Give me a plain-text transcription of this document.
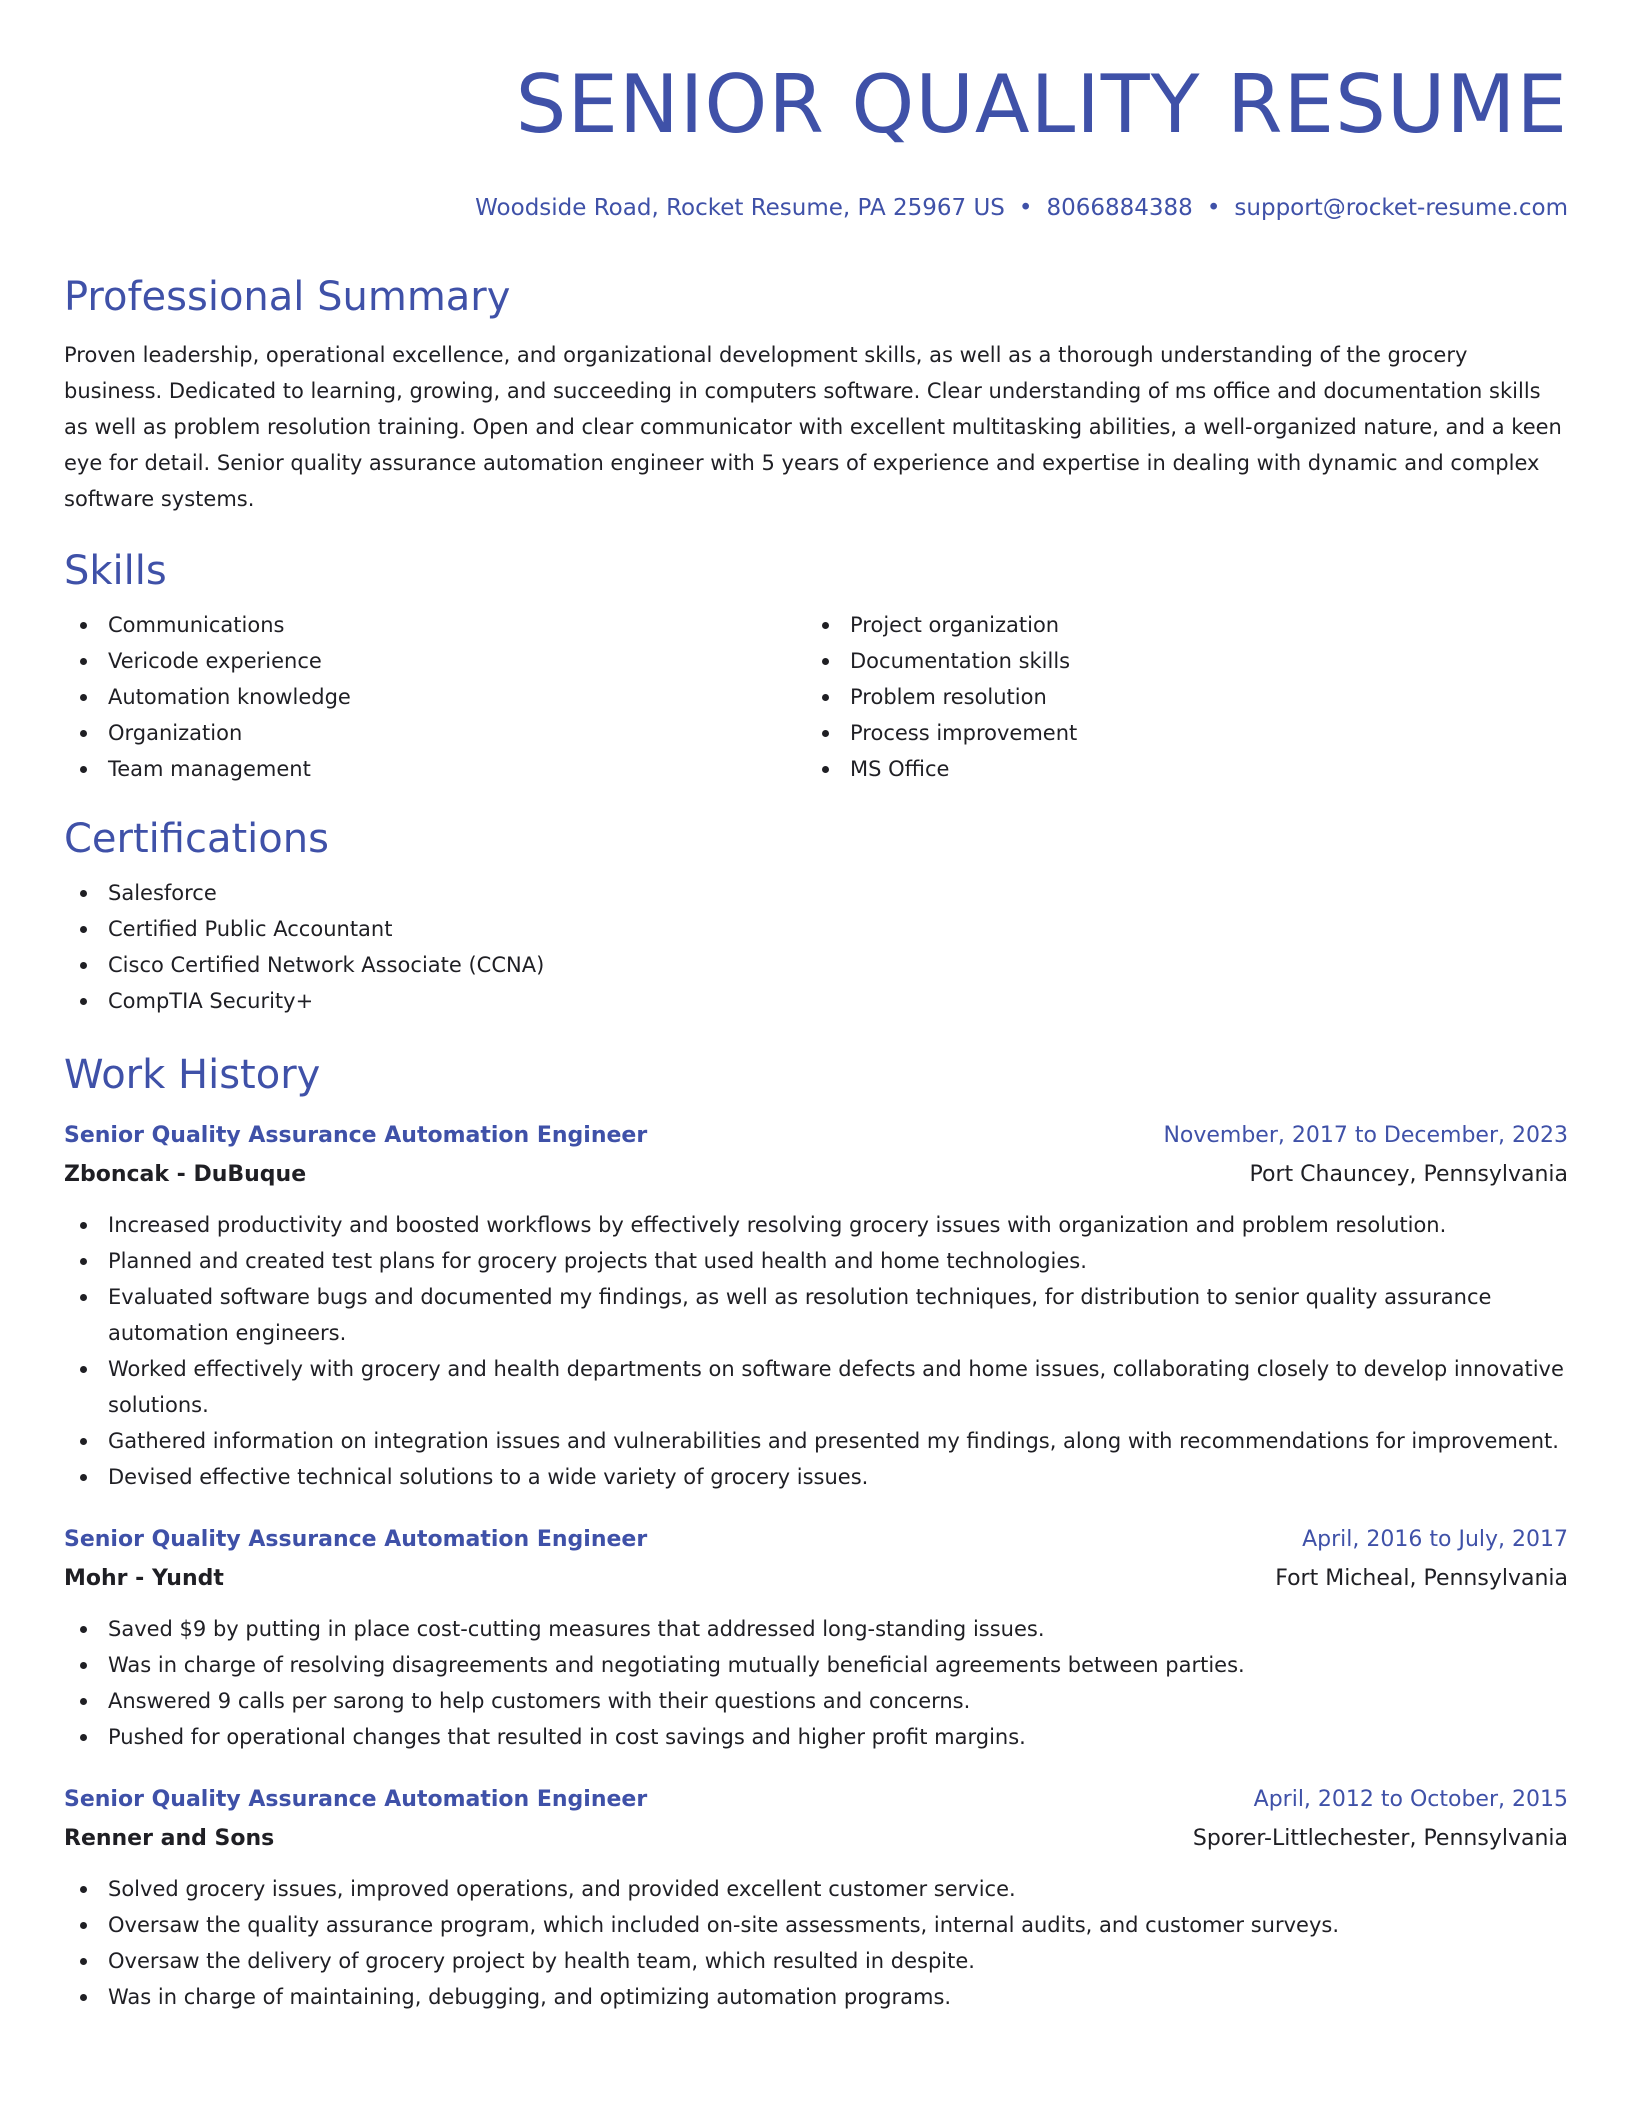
SENIOR QUALITY RESUME
Woodside Road, Rocket Resume, PA 25967 US • 8066884388 • support@rocket-resume.com
Professional Summary
Proven leadership, operational excellence, and organizational development skills, as well as a thorough understanding of the grocery business. Dedicated to learning, growing, and succeeding in computers software. Clear understanding of ms office and documentation skills as well as problem resolution training. Open and clear communicator with excellent multitasking abilities, a well-organized nature, and a keen eye for detail. Senior quality assurance automation engineer with 5 years of experience and expertise in dealing with dynamic and complex software systems.
Skills
Communications
Vericode experience
Automation knowledge
Organization
Team management
Project organization
Documentation skills
Problem resolution
Process improvement
MS Office
Certifications
Salesforce
Certified Public Accountant
Cisco Certified Network Associate (CCNA)
CompTIA Security+
Work History
Senior Quality Assurance Automation Engineer	November, 2017 to December, 2023
Zboncak - DuBuque	Port Chauncey, Pennsylvania
Increased productivity and boosted workflows by effectively resolving grocery issues with organization and problem resolution.
Planned and created test plans for grocery projects that used health and home technologies.
Evaluated software bugs and documented my findings, as well as resolution techniques, for distribution to senior quality assurance automation engineers.
Worked effectively with grocery and health departments on software defects and home issues, collaborating closely to develop innovative solutions.
Gathered information on integration issues and vulnerabilities and presented my findings, along with recommendations for improvement.
Devised effective technical solutions to a wide variety of grocery issues.
Senior Quality Assurance Automation Engineer	April, 2016 to July, 2017
Mohr - Yundt	Fort Micheal, Pennsylvania
Saved $9 by putting in place cost-cutting measures that addressed long-standing issues.
Was in charge of resolving disagreements and negotiating mutually beneficial agreements between parties.
Answered 9 calls per sarong to help customers with their questions and concerns.
Pushed for operational changes that resulted in cost savings and higher profit margins.
Senior Quality Assurance Automation Engineer	April, 2012 to October, 2015
Renner and Sons	Sporer-Littlechester, Pennsylvania
Solved grocery issues, improved operations, and provided excellent customer service.
Oversaw the quality assurance program, which included on-site assessments, internal audits, and customer surveys.
Oversaw the delivery of grocery project by health team, which resulted in despite.
Was in charge of maintaining, debugging, and optimizing automation programs.
